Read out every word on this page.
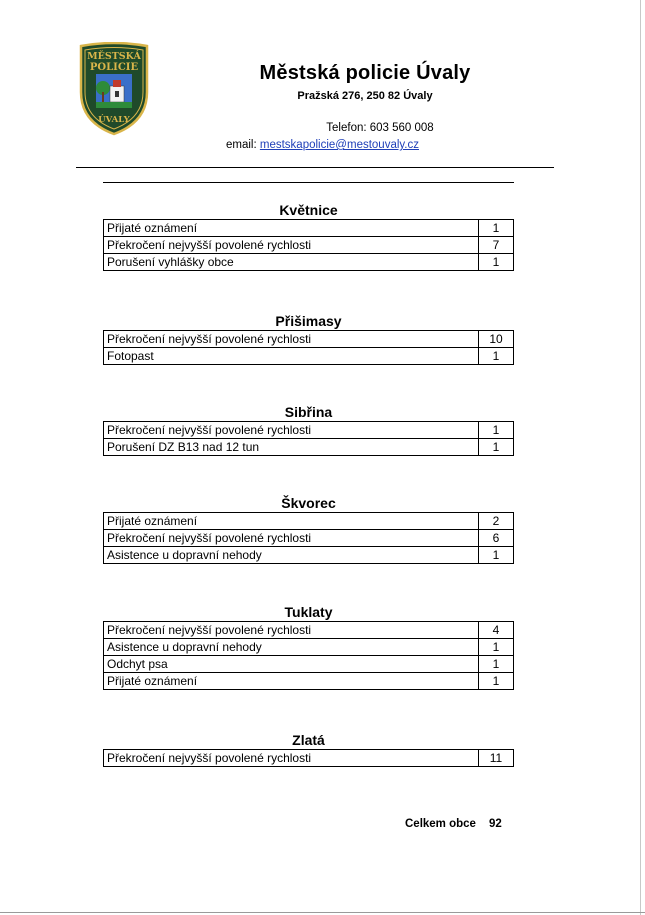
MĚSTSKÁ
POLICIE
ÚVALY
Městská policie Úvaly
Pražská 276, 250 82 Úvaly
Telefon: 603 560 008
email: mestskapolicie@mestouvaly.cz
Květnice
Přijaté oznámení	1
Překročení nejvyšší povolené rychlosti	7
Porušení vyhlášky obce	1
Přišimasy
Překročení nejvyšší povolené rychlosti	10
Fotopast	1
Sibřina
Překročení nejvyšší povolené rychlosti	1
Porušení DZ B13 nad 12 tun	1
Škvorec
Přijaté oznámení	2
Překročení nejvyšší povolené rychlosti	6
Asistence u dopravní nehody	1
Tuklaty
Překročení nejvyšší povolené rychlosti	4
Asistence u dopravní nehody	1
Odchyt psa	1
Přijaté oznámení	1
Zlatá
Překročení nejvyšší povolené rychlosti	11
Celkem obce 92
